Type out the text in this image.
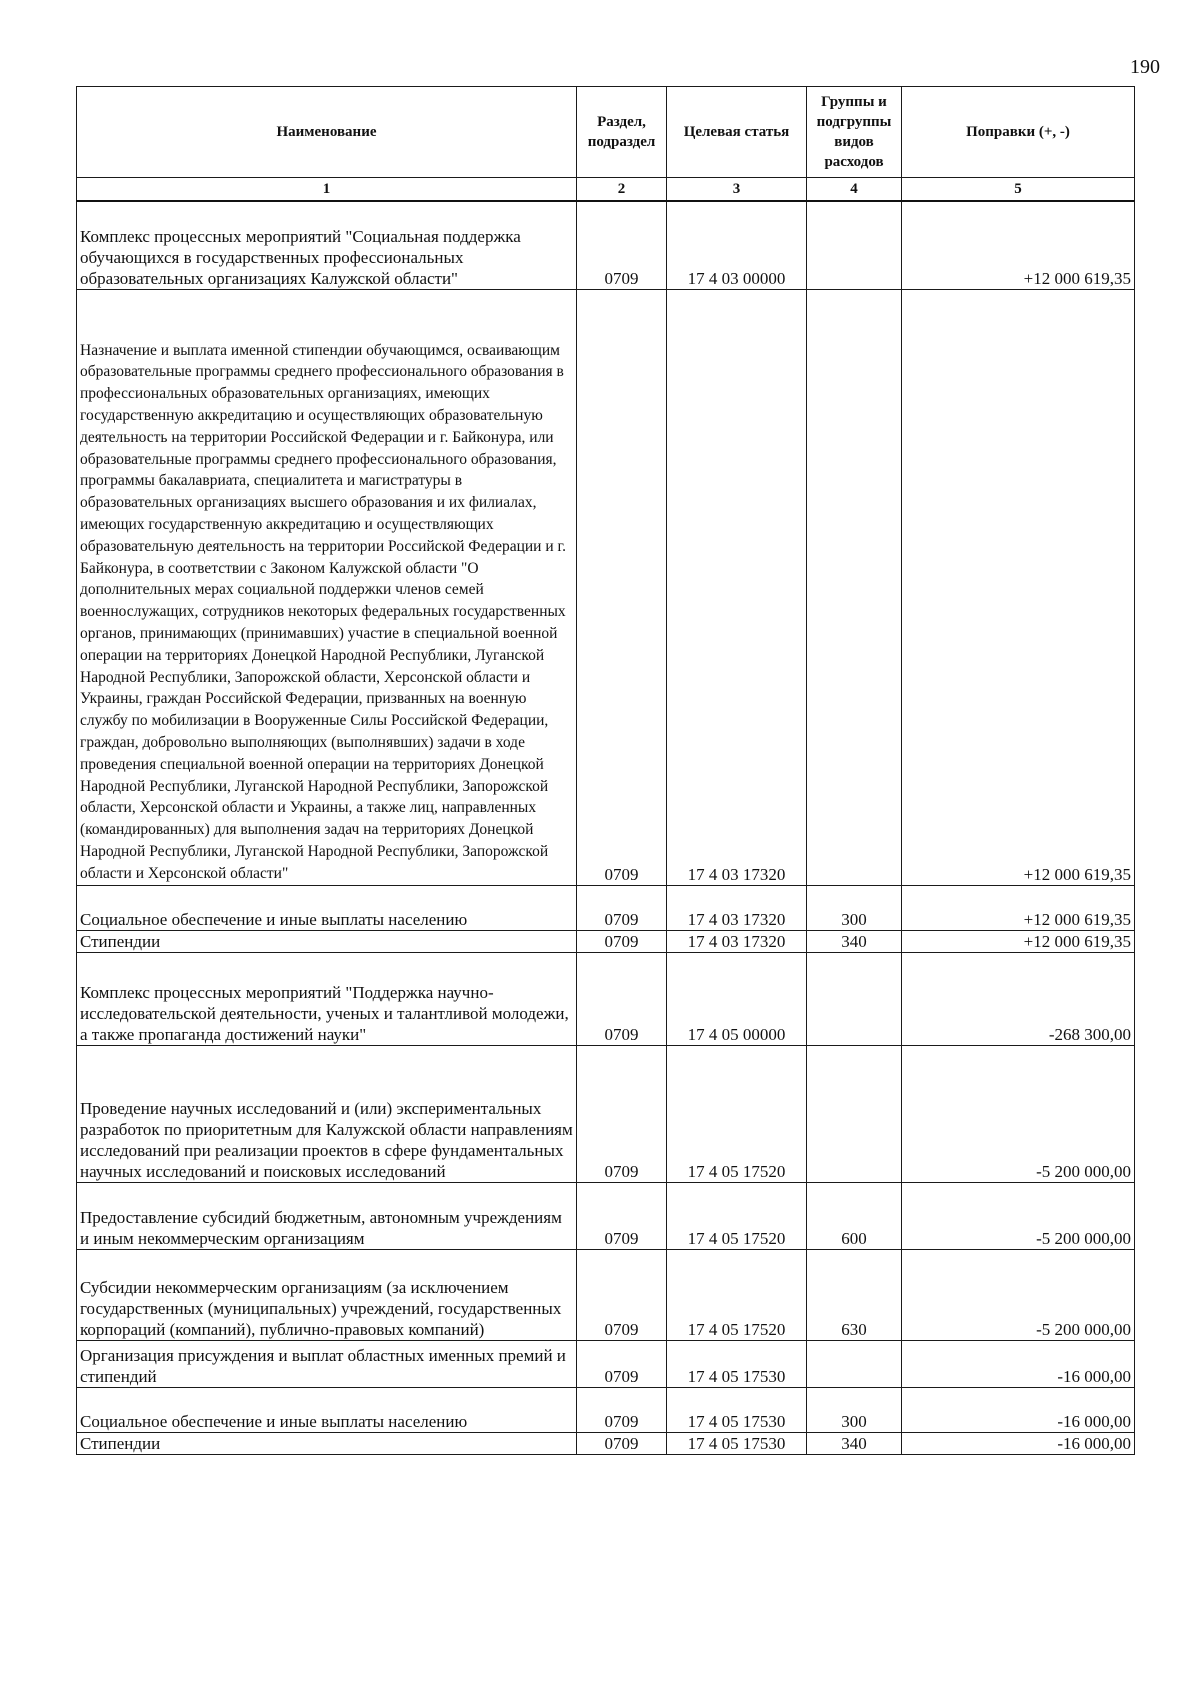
190
Наименование	Раздел, подраздел	Целевая статья	Группы и подгруппы видов расходов	Поправки (+, -)
1	2	3	4	5
Комплекс процессных мероприятий "Социальная поддержка обучающихся в государственных профессиональных образовательных организациях Калужской области"	0709	17 4 03 00000		+12 000 619,35
Назначение и выплата именной стипендии обучающимся, осваивающим образовательные программы среднего профессионального образования в профессиональных образовательных организациях, имеющих государственную аккредитацию и осуществляющих образовательную деятельность на территории Российской Федерации и г. Байконура, или образовательные программы среднего профессионального образования, программы бакалавриата, специалитета и магистратуры в образовательных организациях высшего образования и их филиалах, имеющих государственную аккредитацию и осуществляющих образовательную деятельность на территории Российской Федерации и г. Байконура, в соответствии с Законом Калужской области "О дополнительных мерах социальной поддержки членов семей военнослужащих, сотрудников некоторых федеральных государственных органов, принимающих (принимавших) участие в специальной военной операции на территориях Донецкой Народной Республики, Луганской Народной Республики, Запорожской области, Херсонской области и Украины, граждан Российской Федерации, призванных на военную службу по мобилизации в Вооруженные Силы Российской Федерации, граждан, добровольно выполняющих (выполнявших) задачи в ходе проведения специальной военной операции на территориях Донецкой Народной Республики, Луганской Народной Республики, Запорожской области, Херсонской области и Украины, а также лиц, направленных (командированных) для выполнения задач на территориях Донецкой Народной Республики, Луганской Народной Республики, Запорожской области и Херсонской области"	0709	17 4 03 17320		+12 000 619,35
Социальное обеспечение и иные выплаты населению	0709	17 4 03 17320	300	+12 000 619,35
Стипендии	0709	17 4 03 17320	340	+12 000 619,35
Комплекс процессных мероприятий "Поддержка научно-исследовательской деятельности, ученых и талантливой молодежи, а также пропаганда достижений науки"	0709	17 4 05 00000		-268 300,00
Проведение научных исследований и (или) экспериментальных разработок по приоритетным для Калужской области направлениям исследований при реализации проектов в сфере фундаментальных научных исследований и поисковых исследований	0709	17 4 05 17520		-5 200 000,00
Предоставление субсидий бюджетным, автономным учреждениям и иным некоммерческим организациям	0709	17 4 05 17520	600	-5 200 000,00
Субсидии некоммерческим организациям (за исключением государственных (муниципальных) учреждений, государственных корпораций (компаний), публично-правовых компаний)	0709	17 4 05 17520	630	-5 200 000,00
Организация присуждения и выплат областных именных премий и стипендий	0709	17 4 05 17530		-16 000,00
Социальное обеспечение и иные выплаты населению	0709	17 4 05 17530	300	-16 000,00
Стипендии	0709	17 4 05 17530	340	-16 000,00
